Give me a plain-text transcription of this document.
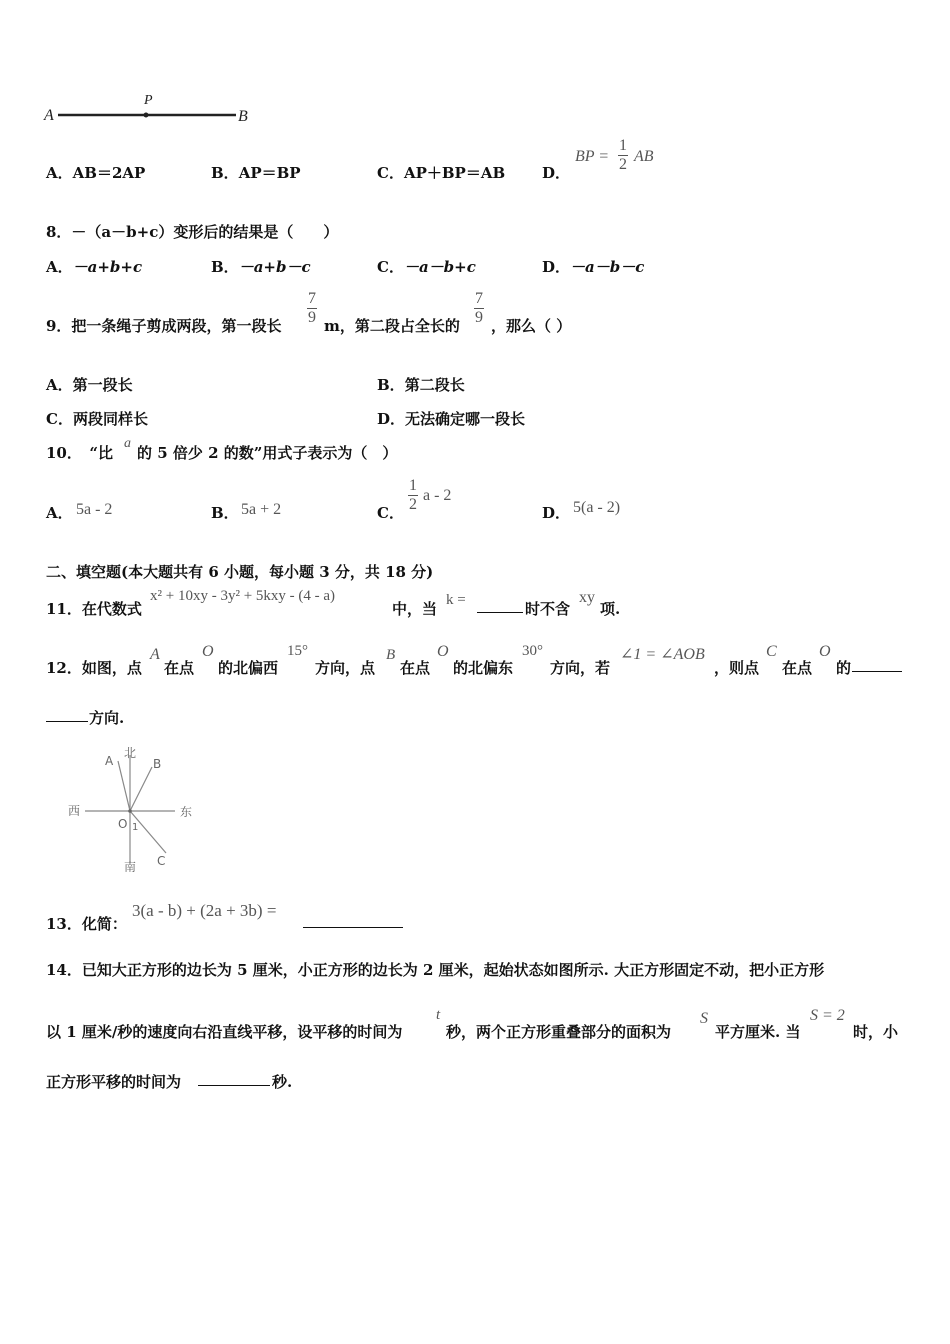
A
P
B
A．AB＝2AP	B．AP＝BP	C．AP＋BP＝AB D．
BP = $\frac{1}{2}$ AB
8．－（a－b+c）变形后的结果是（　　）
A．－a+b+c	B．－a+b－c	C．－a－b+c	D．－a－b－c
9．把一条绳子剪成两段，第一段长 $\frac{7}{9}$ m，第二段占全长的 $\frac{7}{9}$ ，那么（ ）
A．第一段长	B．第二段长
C．两段同样长	D．无法确定哪一段长
10．　“比
a
的 5 倍少 2 的数”用式子表示为（　）
A． 5a - 2	B． 5a + 2	C． $\frac{1}{2}$ a - 2
D． 5(a - 2)
二、填空题(本大题共有 6 小题，每小题 3 分，共 18 分)
11．在代数式
x² + 10xy - 3y² + 5kxy - (4 - a)
中，当 k =	时不含
xy
项.
12．如图，点
A
在点
O
的北偏西
15°
方向，点
B
在点
O
的北偏东
30°
方向，若
∠1 = ∠AOB
，则点
C
在点
O
的
方向.
北
南
西	东
A	B
C
O 1
13．化简：
3(a - b) + (2a + 3b) =
14．已知大正方形的边长为 5 厘米，小正方形的边长为 2 厘米，起始状态如图所示. 大正方形固定不动，把小正方形
以 1 厘米/秒的速度向右沿直线平移，设平移的时间为
t
秒，两个正方形重叠部分的面积为
S
平方厘米. 当
S = 2
时，小
正方形平移的时间为	秒.
